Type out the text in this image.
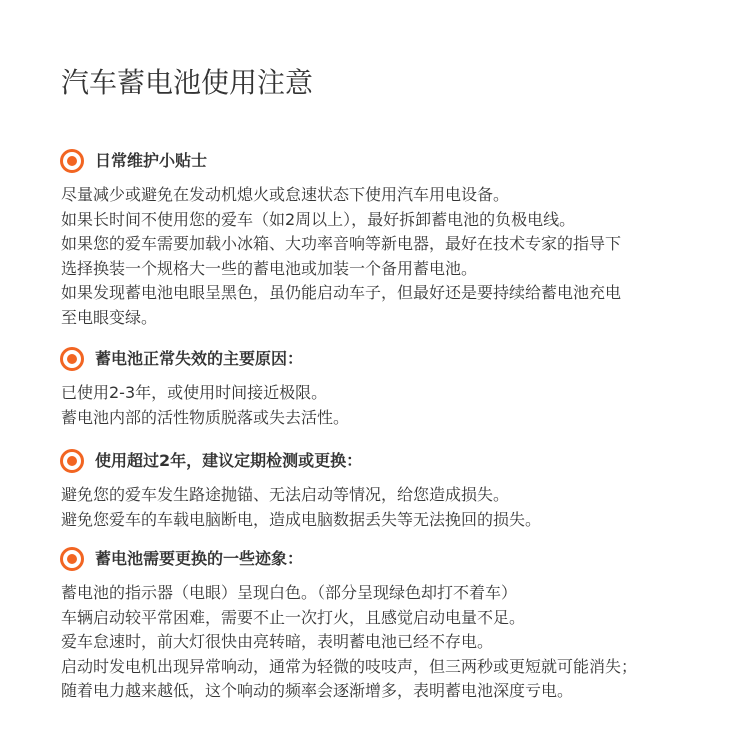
汽车蓄电池使用注意
日常维护小贴士
尽量减少或避免在发动机熄火或怠速状态下使用汽车用电设备。
如果长时间不使用您的爱车（如2周以上），最好拆卸蓄电池的负极电线。
如果您的爱车需要加载小冰箱、大功率音响等新电器，最好在技术专家的指导下
选择换装一个规格大一些的蓄电池或加装一个备用蓄电池。
如果发现蓄电池电眼呈黑色，虽仍能启动车子，但最好还是要持续给蓄电池充电
至电眼变绿。
蓄电池正常失效的主要原因：
已使用2-3年，或使用时间接近极限。
蓄电池内部的活性物质脱落或失去活性。
使用超过2年，建议定期检测或更换：
避免您的爱车发生路途抛锚、无法启动等情况，给您造成损失。
避免您爱车的车载电脑断电，造成电脑数据丢失等无法挽回的损失。
蓄电池需要更换的一些迹象：
蓄电池的指示器（电眼）呈现白色。（部分呈现绿色却打不着车）
车辆启动较平常困难，需要不止一次打火，且感觉启动电量不足。
爱车怠速时，前大灯很快由亮转暗，表明蓄电池已经不存电。
启动时发电机出现异常响动，通常为轻微的吱吱声，但三两秒或更短就可能消失；
随着电力越来越低，这个响动的频率会逐渐增多，表明蓄电池深度亏电。
